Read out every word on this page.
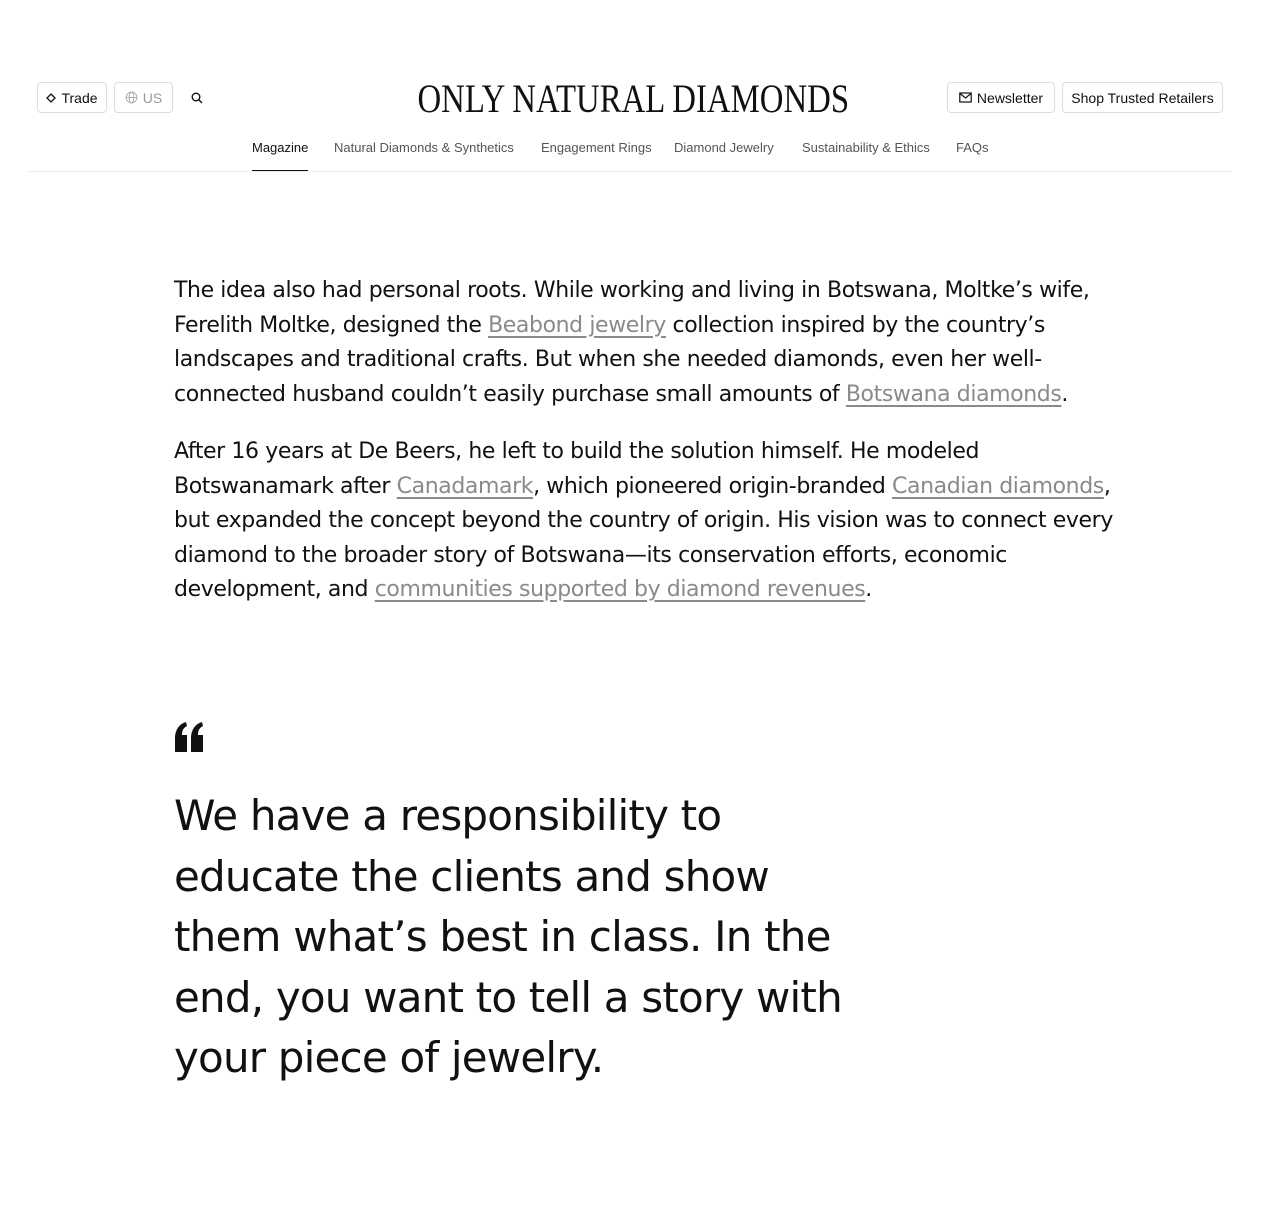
Trade	US	ONLY NATURAL DIAMONDS	Newsletter Shop Trusted Retailers
Magazine Natural Diamonds & Synthetics Engagement Rings Diamond Jewelry Sustainability & Ethics FAQs

The idea also had personal roots. While working and living in Botswana, Moltke’s wife, Ferelith Moltke, designed the Beabond jewelry collection inspired by the country’s landscapes and traditional crafts. But when she needed diamonds, even her well-connected husband couldn’t easily purchase small amounts of Botswana diamonds.

After 16 years at De Beers, he left to build the solution himself. He modeled Botswanamark after Canadamark, which pioneered origin-branded Canadian diamonds, but expanded the concept beyond the country of origin. His vision was to connect every diamond to the broader story of Botswana—its conservation efforts, economic development, and communities supported by diamond revenues.

We have a responsibility to educate the clients and show them what’s best in class. In the end, you want to tell a story with your piece of jewelry.
